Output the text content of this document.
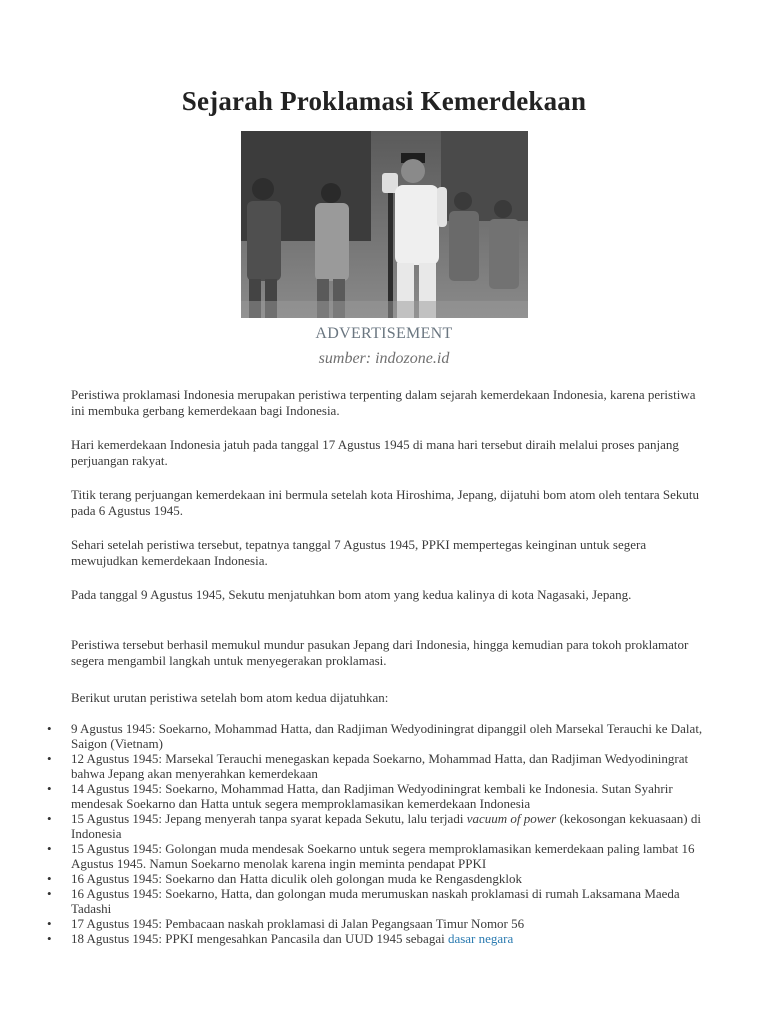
Sejarah Proklamasi Kemerdekaan
ADVERTISEMENT
sumber: indozone.id

Peristiwa proklamasi Indonesia merupakan peristiwa terpenting dalam sejarah kemerdekaan Indonesia, karena peristiwa ini membuka gerbang kemerdekaan bagi Indonesia.

Hari kemerdekaan Indonesia jatuh pada tanggal 17 Agustus 1945 di mana hari tersebut diraih melalui proses panjang perjuangan rakyat.

Titik terang perjuangan kemerdekaan ini bermula setelah kota Hiroshima, Jepang, dijatuhi bom atom oleh tentara Sekutu pada 6 Agustus 1945.

Sehari setelah peristiwa tersebut, tepatnya tanggal 7 Agustus 1945, PPKI mempertegas keinginan untuk segera mewujudkan kemerdekaan Indonesia.

Pada tanggal 9 Agustus 1945, Sekutu menjatuhkan bom atom yang kedua kalinya di kota Nagasaki, Jepang.

Peristiwa tersebut berhasil memukul mundur pasukan Jepang dari Indonesia, hingga kemudian para tokoh proklamator segera mengambil langkah untuk menyegerakan proklamasi.

Berikut urutan peristiwa setelah bom atom kedua dijatuhkan:

• 9 Agustus 1945: Soekarno, Mohammad Hatta, dan Radjiman Wedyodiningrat dipanggil oleh Marsekal Terauchi ke Dalat, Saigon (Vietnam)
• 12 Agustus 1945: Marsekal Terauchi menegaskan kepada Soekarno, Mohammad Hatta, dan Radjiman Wedyodiningrat bahwa Jepang akan menyerahkan kemerdekaan
• 14 Agustus 1945: Soekarno, Mohammad Hatta, dan Radjiman Wedyodiningrat kembali ke Indonesia. Sutan Syahrir mendesak Soekarno dan Hatta untuk segera memproklamasikan kemerdekaan Indonesia
• 15 Agustus 1945: Jepang menyerah tanpa syarat kepada Sekutu, lalu terjadi vacuum of power (kekosongan kekuasaan) di Indonesia
• 15 Agustus 1945: Golongan muda mendesak Soekarno untuk segera memproklamasikan kemerdekaan paling lambat 16 Agustus 1945. Namun Soekarno menolak karena ingin meminta pendapat PPKI
• 16 Agustus 1945: Soekarno dan Hatta diculik oleh golongan muda ke Rengasdengklok
• 16 Agustus 1945: Soekarno, Hatta, dan golongan muda merumuskan naskah proklamasi di rumah Laksamana Maeda Tadashi
• 17 Agustus 1945: Pembacaan naskah proklamasi di Jalan Pegangsaan Timur Nomor 56
• 18 Agustus 1945: PPKI mengesahkan Pancasila dan UUD 1945 sebagai dasar negara
